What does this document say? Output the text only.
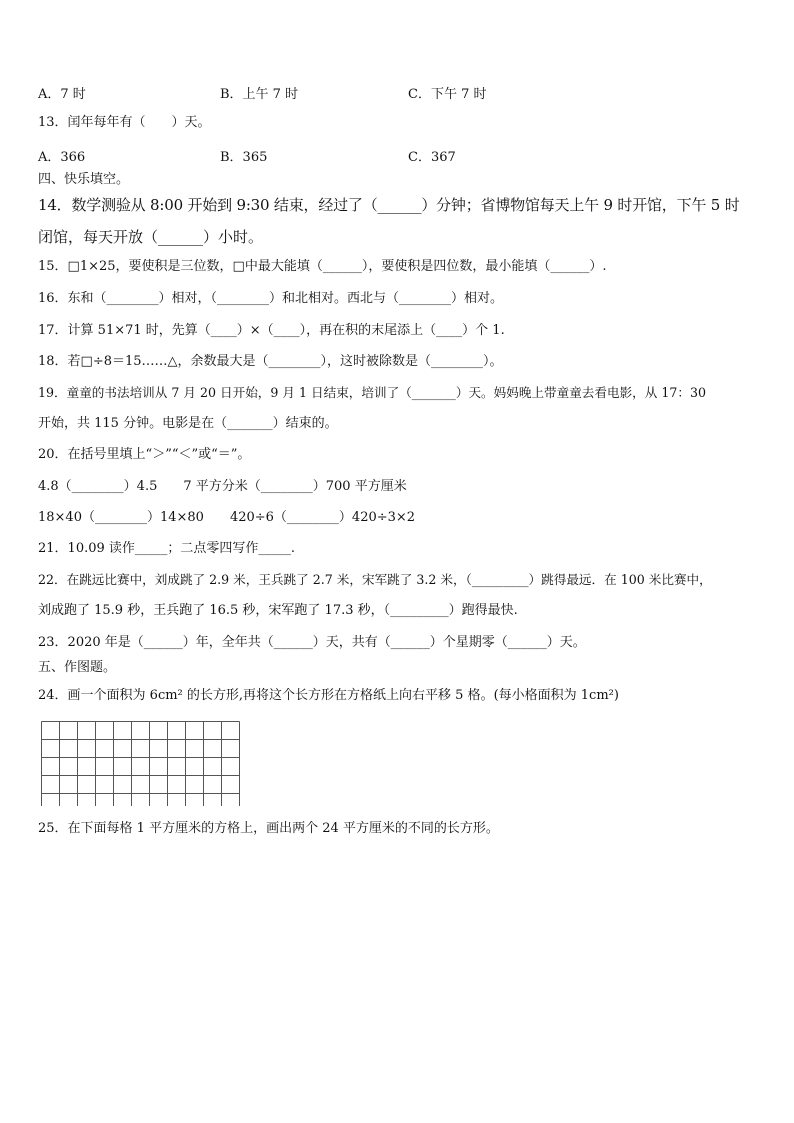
A．7 时	B．上午 7 时	C．下午 7 时
13．闰年每年有（　　）天。
A．366	B．365	C．367
四、快乐填空。
14．数学测验从 8:00 开始到 9:30 结束，经过了（______）分钟；省博物馆每天上午 9 时开馆，下午 5 时
闭馆，每天开放（______）小时。
15．□1×25，要使积是三位数，□中最大能填（______），要使积是四位数，最小能填（______）.
16．东和（________）相对，（________）和北相对。西北与（________）相对。
17．计算 51×71 时，先算（____）×（____），再在积的末尾添上（____）个 1.
18．若□÷8＝15……△，余数最大是（________），这时被除数是（________）。
19．童童的书法培训从 7 月 20 日开始，9 月 1 日结束，培训了（_______）天。妈妈晚上带童童去看电影，从 17：30
开始，共 115 分钟。电影是在（_______）结束的。
20．在括号里填上“＞”“＜”或“＝”。
4.8（________）4.5　　7 平方分米（________）700 平方厘米
18×40（________）14×80　　420÷6（________）420÷3×2
21．10.09 读作_____；二点零四写作_____.
22．在跳远比赛中，刘成跳了 2.9 米，王兵跳了 2.7 米，宋军跳了 3.2 米，（_________）跳得最远．在 100 米比赛中，
刘成跑了 15.9 秒，王兵跑了 16.5 秒，宋军跑了 17.3 秒，（_________）跑得最快.
23．2020 年是（______）年，全年共（______）天，共有（______）个星期零（______）天。
五、作图题。
24．画一个面积为 6cm² 的长方形,再将这个长方形在方格纸上向右平移 5 格。(每小格面积为 1cm²)
25．在下面每格 1 平方厘米的方格上，画出两个 24 平方厘米的不同的长方形。
